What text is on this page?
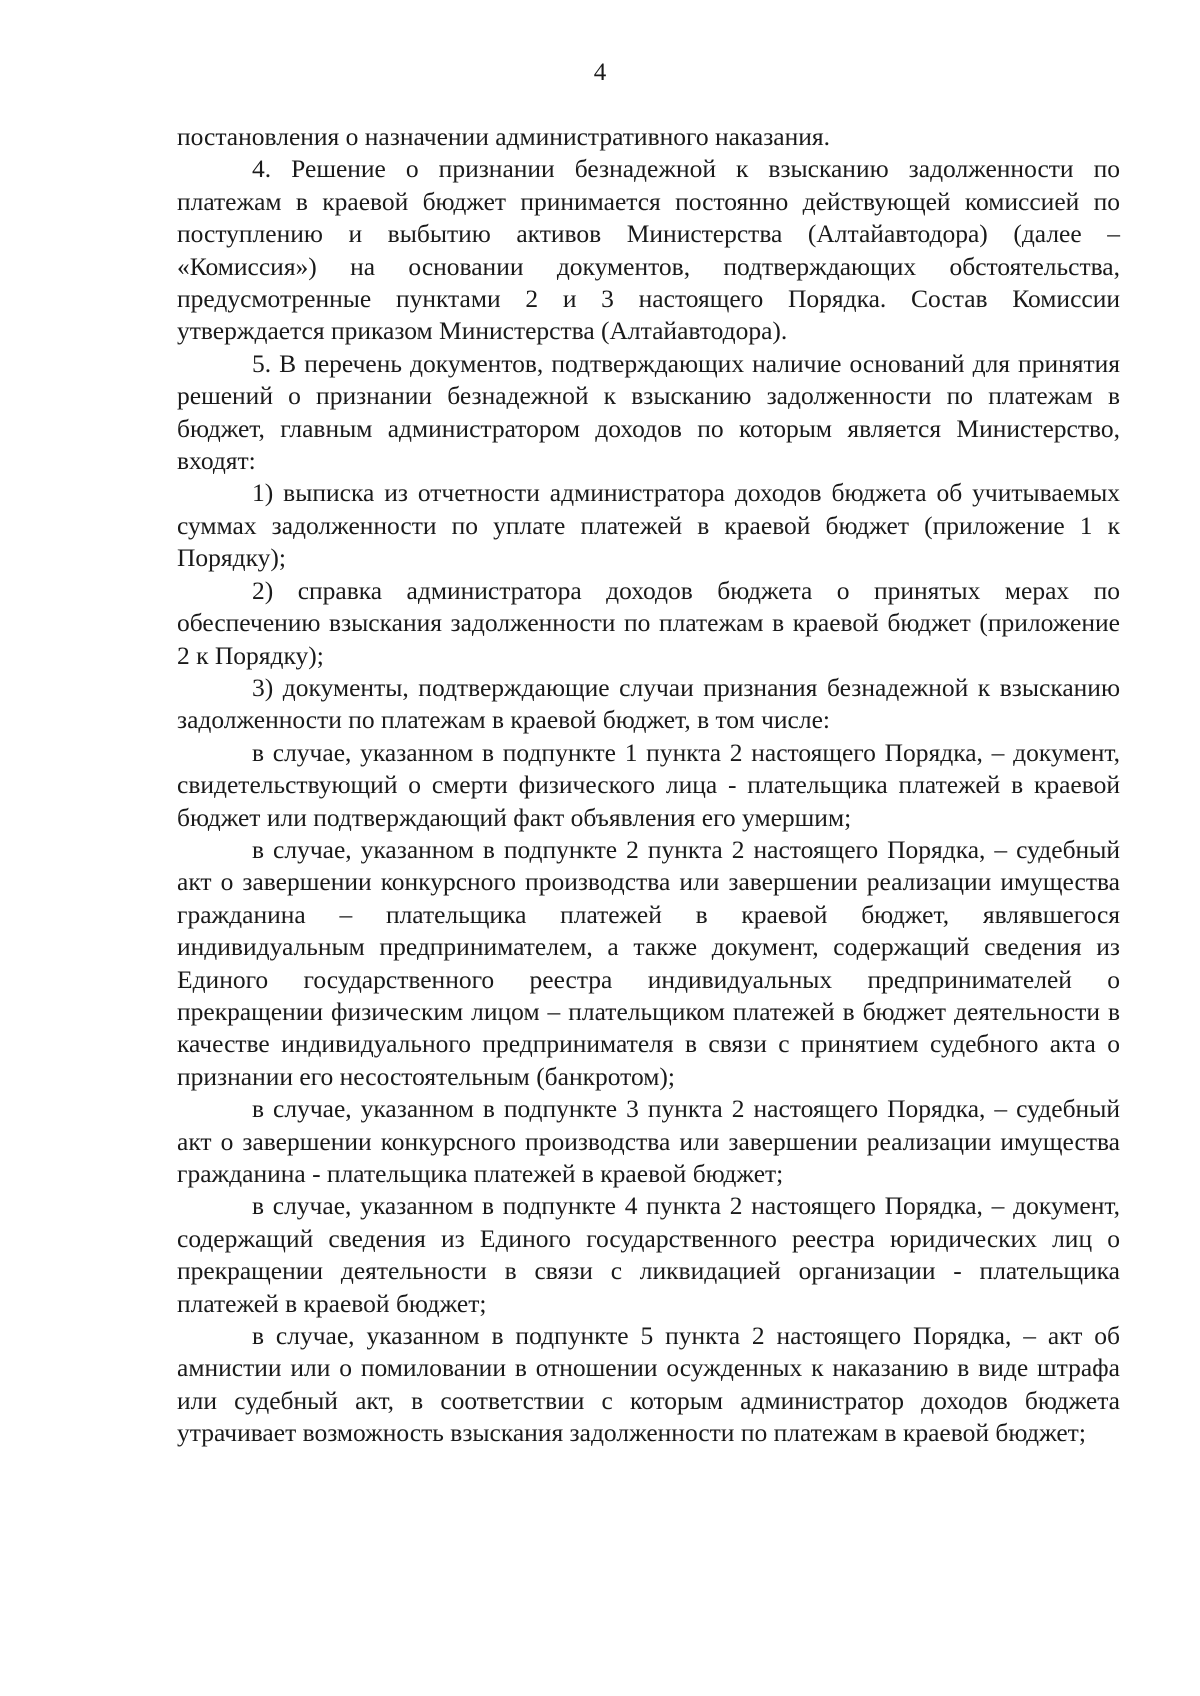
4

постановления о назначении административного наказания.

4. Решение о признании безнадежной к взысканию задолженности по платежам в краевой бюджет принимается постоянно действующей комиссией по поступлению и выбытию активов Министерства (Алтайавтодора) (далее – «Комиссия») на основании документов, подтверждающих обстоятельства, предусмотренные пунктами 2 и 3 настоящего Порядка. Состав Комиссии утверждается приказом Министерства (Алтайавтодора).

5. В перечень документов, подтверждающих наличие оснований для принятия решений о признании безнадежной к взысканию задолженности по платежам в бюджет, главным администратором доходов по которым является Министерство, входят:

1) выписка из отчетности администратора доходов бюджета об учитываемых суммах задолженности по уплате платежей в краевой бюджет (приложение 1 к Порядку);

2) справка администратора доходов бюджета о принятых мерах по обеспечению взыскания задолженности по платежам в краевой бюджет (приложение 2 к Порядку);

3) документы, подтверждающие случаи признания безнадежной к взысканию задолженности по платежам в краевой бюджет, в том числе:

в случае, указанном в подпункте 1 пункта 2 настоящего Порядка, – документ, свидетельствующий о смерти физического лица - плательщика платежей в краевой бюджет или подтверждающий факт объявления его умершим;

в случае, указанном в подпункте 2 пункта 2 настоящего Порядка, – судебный акт о завершении конкурсного производства или завершении реализации имущества гражданина – плательщика платежей в краевой бюджет, являвшегося индивидуальным предпринимателем, а также документ, содержащий сведения из Единого государственного реестра индивидуальных предпринимателей о прекращении физическим лицом – плательщиком платежей в бюджет деятельности в качестве индивидуального предпринимателя в связи с принятием судебного акта о признании его несостоятельным (банкротом);

в случае, указанном в подпункте 3 пункта 2 настоящего Порядка, – судебный акт о завершении конкурсного производства или завершении реализации имущества гражданина - плательщика платежей в краевой бюджет;

в случае, указанном в подпункте 4 пункта 2 настоящего Порядка, – документ, содержащий сведения из Единого государственного реестра юридических лиц о прекращении деятельности в связи с ликвидацией организации - плательщика платежей в краевой бюджет;

в случае, указанном в подпункте 5 пункта 2 настоящего Порядка, – акт об амнистии или о помиловании в отношении осужденных к наказанию в виде штрафа или судебный акт, в соответствии с которым администратор доходов бюджета утрачивает возможность взыскания задолженности по платежам в краевой бюджет;
